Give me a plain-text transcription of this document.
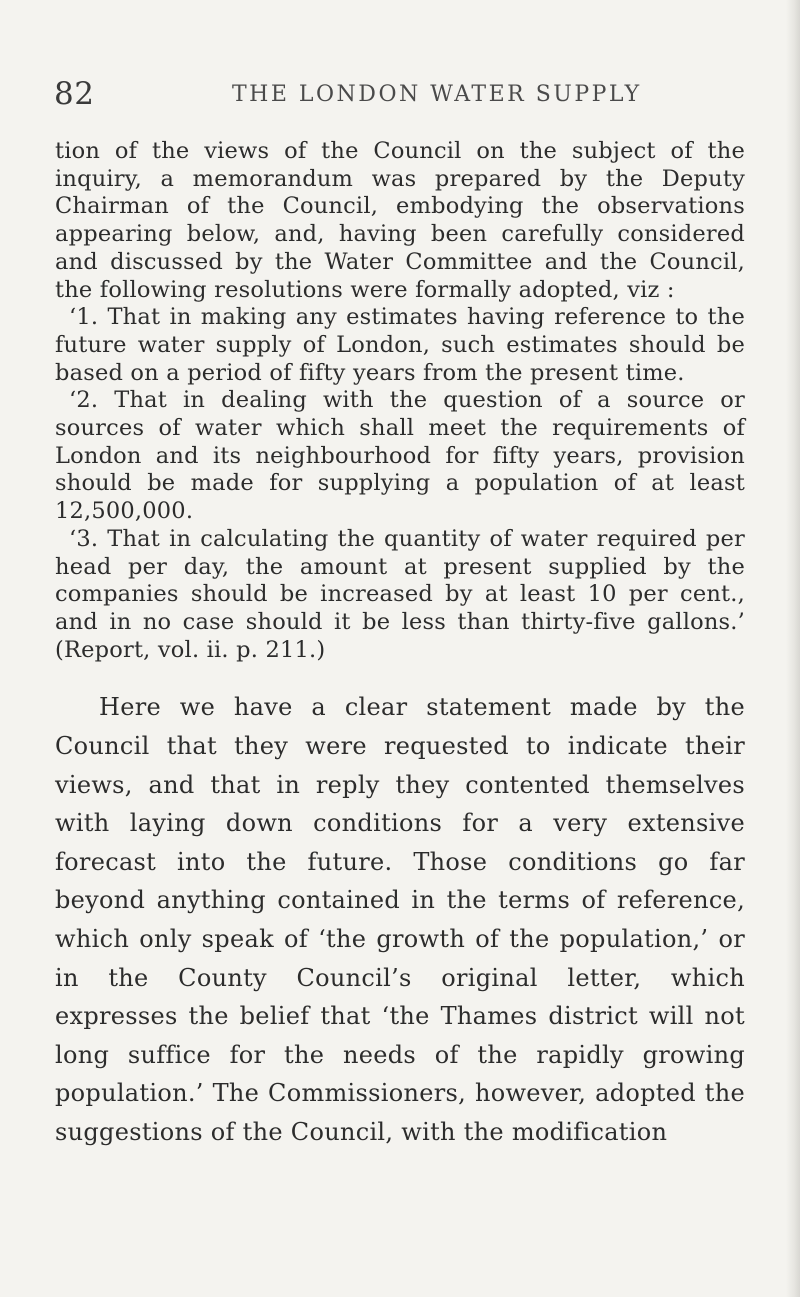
82	THE LONDON WATER SUPPLY

tion of the views of the Council on the subject of the inquiry, a memorandum was prepared by the Deputy Chairman of the Council, embodying the observations appearing below, and, having been carefully considered and discussed by the Water Committee and the Council, the following resolutions were formally adopted, viz :

‘1. That in making any estimates having reference to the future water supply of London, such estimates should be based on a period of fifty years from the present time.

‘2. That in dealing with the question of a source or sources of water which shall meet the requirements of London and its neighbourhood for fifty years, provision should be made for supplying a population of at least 12,500,000.

‘3. That in calculating the quantity of water required per head per day, the amount at present supplied by the companies should be increased by at least 10 per cent., and in no case should it be less than thirty-five gallons.’ (Report, vol. ii. p. 211.)

Here we have a clear statement made by the Council that they were requested to indicate their views, and that in reply they contented themselves with laying down conditions for a very extensive forecast into the future. Those conditions go far beyond anything contained in the terms of reference, which only speak of ‘the growth of the population,’ or in the County Council’s original letter, which expresses the belief that ‘the Thames district will not long suffice for the needs of the rapidly growing population.’ The Commissioners, however, adopted the suggestions of the Council, with the modification
